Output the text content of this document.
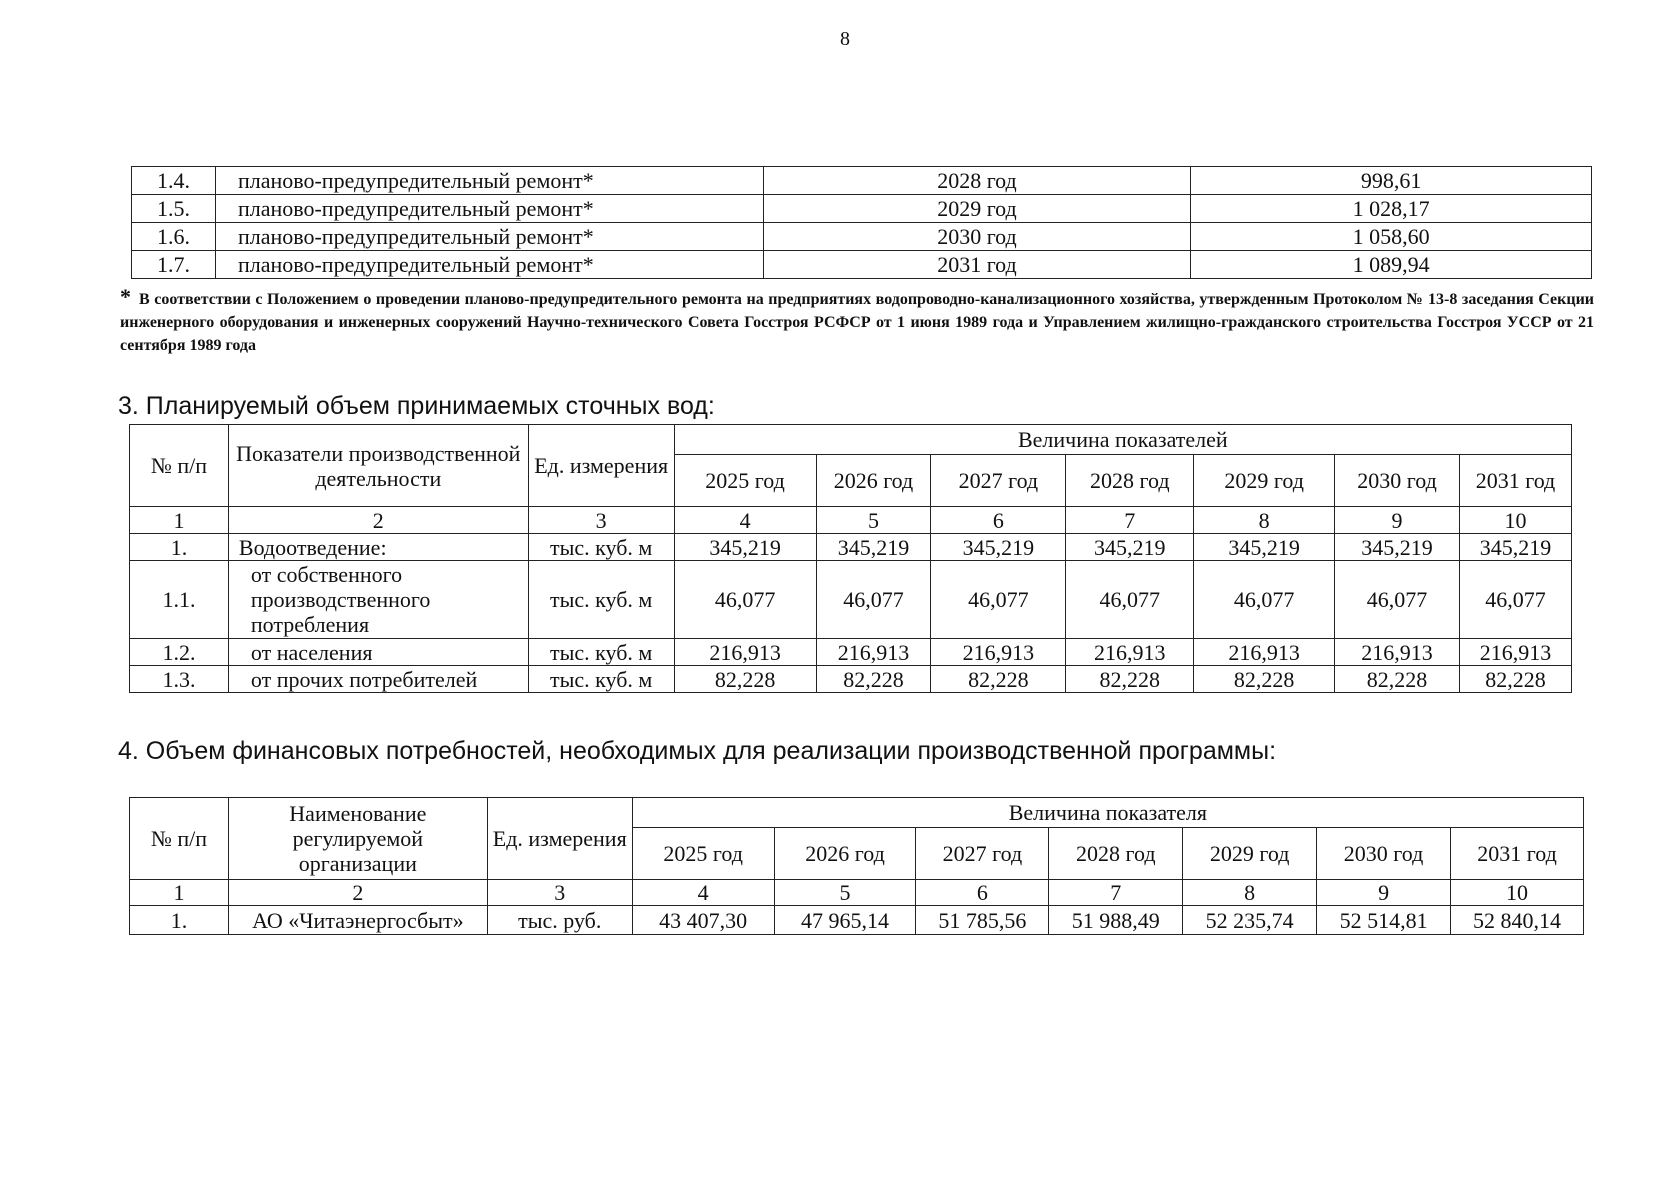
8
1.4.	планово-предупредительный ремонт*	2028 год	998,61
1.5.	планово-предупредительный ремонт*	2029 год	1 028,17
1.6.	планово-предупредительный ремонт*	2030 год	1 058,60
1.7.	планово-предупредительный ремонт*	2031 год	1 089,94
* В соответствии с Положением о проведении планово-предупредительного ремонта на предприятиях водопроводно-канализационного хозяйства, утвержденным Протоколом № 13-8 заседания Секции инженерного оборудования и инженерных сооружений Научно-технического Совета Госстроя РСФСР от 1 июня 1989 года и Управлением жилищно-гражданского строительства Госстроя УССР от 21 сентября 1989 года
3. Планируемый объем принимаемых сточных вод:
№ п/п	Показатели производственной деятельности	Ед. измерения	Величина показателей						
			2025 год	2026 год	2027 год	2028 год	2029 год	2030 год	2031 год
1	2	3	4	5	6	7	8	9	10
1.	Водоотведение:	тыс. куб. м	345,219	345,219	345,219	345,219	345,219	345,219	345,219
1.1.	от собственного производственного потребления	тыс. куб. м	46,077	46,077	46,077	46,077	46,077	46,077	46,077
1.2.	от населения	тыс. куб. м	216,913	216,913	216,913	216,913	216,913	216,913	216,913
1.3.	от прочих потребителей	тыс. куб. м	82,228	82,228	82,228	82,228	82,228	82,228	82,228
4. Объем финансовых потребностей, необходимых для реализации производственной программы:
№ п/п	Наименование регулируемой организации	Ед. измерения	Величина показателя						
			2025 год	2026 год	2027 год	2028 год	2029 год	2030 год	2031 год
1	2	3	4	5	6	7	8	9	10
1.	АО «Читаэнергосбыт»	тыс. руб.	43 407,30	47 965,14	51 785,56	51 988,49	52 235,74	52 514,81	52 840,14
